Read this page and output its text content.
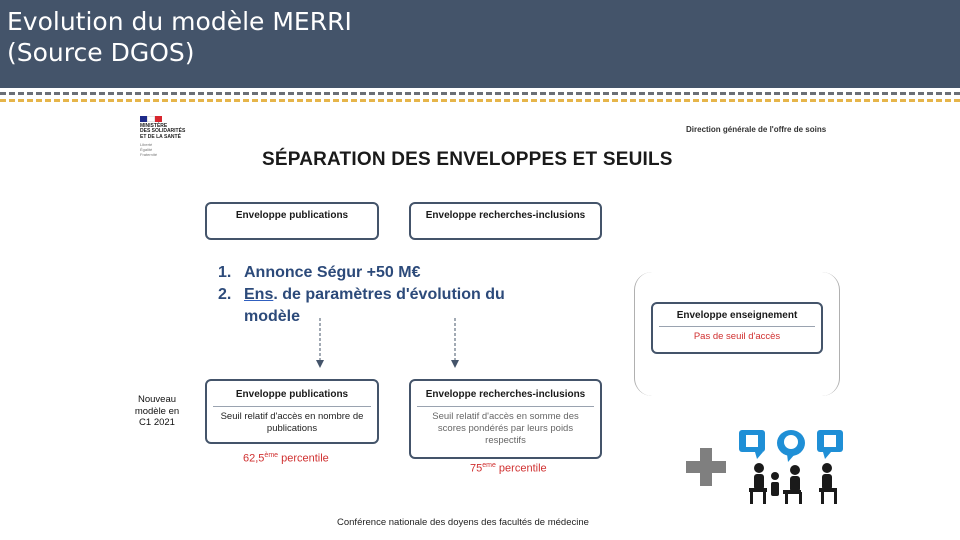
Evolution du modèle MERRI
(Source DGOS)
MINISTÈRE
DES SOLIDARITÉS
ET DE LA SANTÉ
Liberté
Égalité
Fraternité
Direction générale de l'offre de soins
SÉPARATION DES ENVELOPPES ET SEUILS
Enveloppe publications	Enveloppe recherches-inclusions
1. Annonce Ségur +50 M€
2. Ens. de paramètres d'évolution du
modèle
Nouveau
modèle en
C1 2021
Enveloppe publications
Seuil relatif d'accès en nombre de publications
Enveloppe recherches-inclusions
Seuil relatif d'accès en somme des scores pondérés par leurs poids respectifs
62,5ème percentile
75eme percentile
Enveloppe enseignement
Pas de seuil d'accès
Conférence nationale des doyens des facultés de médecine
